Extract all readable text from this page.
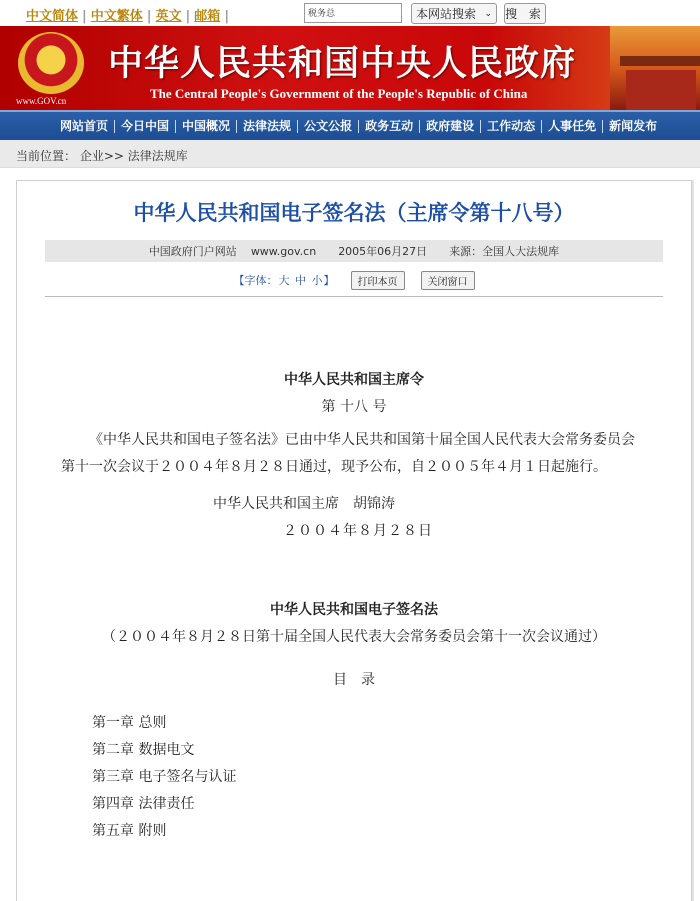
中文简体 | 中文繁体 | 英文 | 邮箱 |	税务总	本网站搜索 ⌄ 搜 索
★
www.GOV.cn
中华人民共和国中央人民政府
The Central People's Government of the People's Republic of China
网站首页	今日中国	中国概况	法律法规	公文公报	政务互动	政府建设	工作动态	人事任免	新闻发布
当前位置： 企业>> 法律法规库
中华人民共和国电子签名法（主席令第十八号）
中国政府门户网站 www.gov.cn 2005年06月27日 来源：全国人大法规库
【字体：大 中 小】	打印本页	关闭窗口
中华人民共和国主席令
第 十八 号
《中华人民共和国电子签名法》已由中华人民共和国第十届全国人民代表大会常务委员会第十一次会议于２００４年８月２８日通过，现予公布，自２００５年４月１日起施行。
中华人民共和国主席　胡锦涛
２００４年８月２８日
中华人民共和国电子签名法
（２００４年８月２８日第十届全国人民代表大会常务委员会第十一次会议通过）
目　录
第一章 总则
第二章 数据电文
第三章 电子签名与认证
第四章 法律责任
第五章 附则
